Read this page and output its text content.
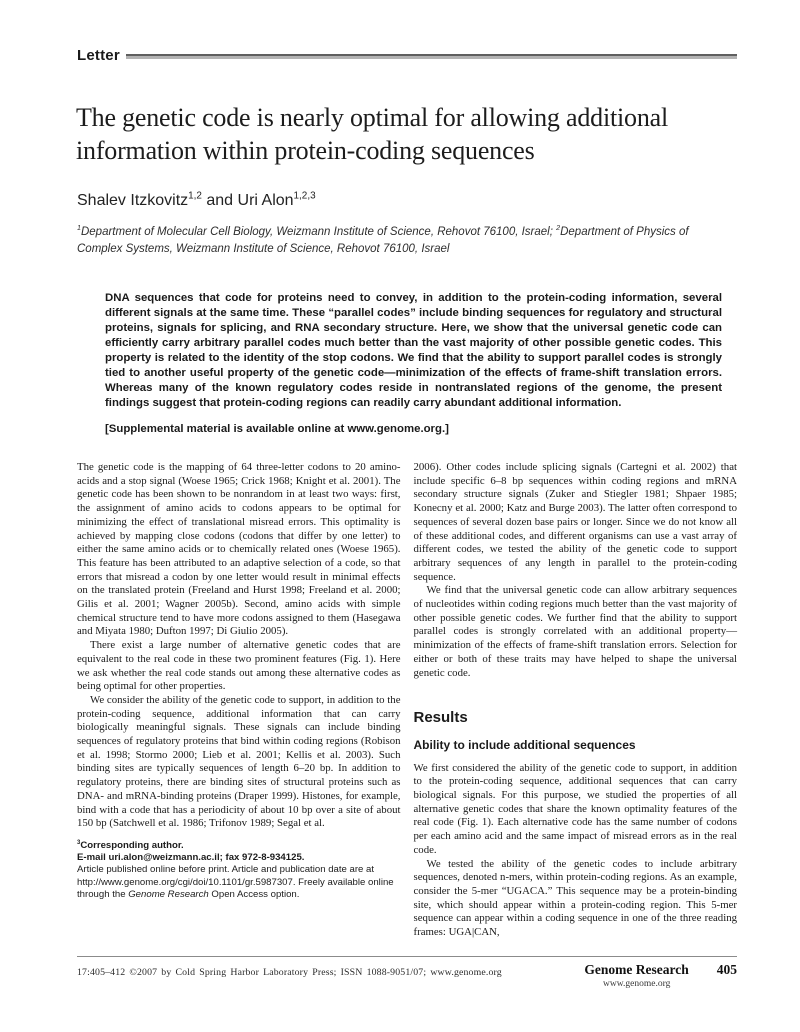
Letter
The genetic code is nearly optimal for allowing additional information within protein-coding sequences
Shalev Itzkovitz$^{1,2}$ and Uri Alon$^{1,2,3}$
$^1$Department of Molecular Cell Biology, Weizmann Institute of Science, Rehovot 76100, Israel; $^2$Department of Physics of Complex Systems, Weizmann Institute of Science, Rehovot 76100, Israel

DNA sequences that code for proteins need to convey, in addition to the protein-coding information, several different signals at the same time. These “parallel codes” include binding sequences for regulatory and structural proteins, signals for splicing, and RNA secondary structure. Here, we show that the universal genetic code can efficiently carry arbitrary parallel codes much better than the vast majority of other possible genetic codes. This property is related to the identity of the stop codons. We find that the ability to support parallel codes is strongly tied to another useful property of the genetic code—minimization of the effects of frame-shift translation errors. Whereas many of the known regulatory codes reside in nontranslated regions of the genome, the present findings suggest that protein-coding regions can readily carry abundant additional information.

[Supplemental material is available online at www.genome.org.]

The genetic code is the mapping of 64 three-letter codons to 20 amino-acids and a stop signal (Woese 1965; Crick 1968; Knight et al. 2001). The genetic code has been shown to be nonrandom in at least two ways: first, the assignment of amino acids to codons appears to be optimal for minimizing the effect of translational misread errors. This optimality is achieved by mapping close codons (codons that differ by one letter) to either the same amino acids or to chemically related ones (Woese 1965). This feature has been attributed to an adaptive selection of a code, so that errors that misread a codon by one letter would result in minimal effects on the translated protein (Freeland and Hurst 1998; Freeland et al. 2000; Gilis et al. 2001; Wagner 2005b). Second, amino acids with simple chemical structure tend to have more codons assigned to them (Hasegawa and Miyata 1980; Dufton 1997; Di Giulio 2005).

There exist a large number of alternative genetic codes that are equivalent to the real code in these two prominent features (Fig. 1). Here we ask whether the real code stands out among these alternative codes as being optimal for other properties.

We consider the ability of the genetic code to support, in addition to the protein-coding sequence, additional information that can carry biologically meaningful signals. These signals can include binding sequences of regulatory proteins that bind within coding regions (Robison et al. 1998; Stormo 2000; Lieb et al. 2001; Kellis et al. 2003). Such binding sites are typically sequences of length 6–20 bp. In addition to regulatory proteins, there are binding sites of structural proteins such as DNA- and mRNA-binding proteins (Draper 1999). Histones, for example, bind with a code that has a periodicity of about 10 bp over a site of about 150 bp (Satchwell et al. 1986; Trifonov 1989; Segal et al.

$^3$Corresponding author.
E-mail uri.alon@weizmann.ac.il; fax 972-8-934125.
Article published online before print. Article and publication date are at http://www.genome.org/cgi/doi/10.1101/gr.5987307. Freely available online through the Genome Research Open Access option.

2006). Other codes include splicing signals (Cartegni et al. 2002) that include specific 6–8 bp sequences within coding regions and mRNA secondary structure signals (Zuker and Stiegler 1981; Shpaer 1985; Konecny et al. 2000; Katz and Burge 2003). The latter often correspond to sequences of several dozen base pairs or longer. Since we do not know all of these additional codes, and different organisms can use a vast array of different codes, we tested the ability of the genetic code to support arbitrary sequences of any length in parallel to the protein-coding sequence.

We find that the universal genetic code can allow arbitrary sequences of nucleotides within coding regions much better than the vast majority of other possible genetic codes. We further find that the ability to support parallel codes is strongly correlated with an additional property—minimization of the effects of frame-shift translation errors. Selection for either or both of these traits may have helped to shape the universal genetic code.

Results
Ability to include additional sequences

We first considered the ability of the genetic code to support, in addition to the protein-coding sequence, additional sequences that can carry biological signals. For this purpose, we studied the properties of all alternative genetic codes that share the known optimality features of the real code (Fig. 1). Each alternative code has the same number of codons per each amino acid and the same impact of misread errors as in the real code.

We tested the ability of the genetic codes to include arbitrary sequences, denoted n-mers, within protein-coding regions. As an example, consider the 5-mer “UGACA.” This sequence may be a protein-binding site, which should appear within a protein-coding region. This 5-mer sequence can appear within a coding sequence in one of the three reading frames: UGA|CAN,

17:405–412 ©2007 by Cold Spring Harbor Laboratory Press; ISSN 1088-9051/07; www.genome.org	Genome Research 405
www.genome.org
